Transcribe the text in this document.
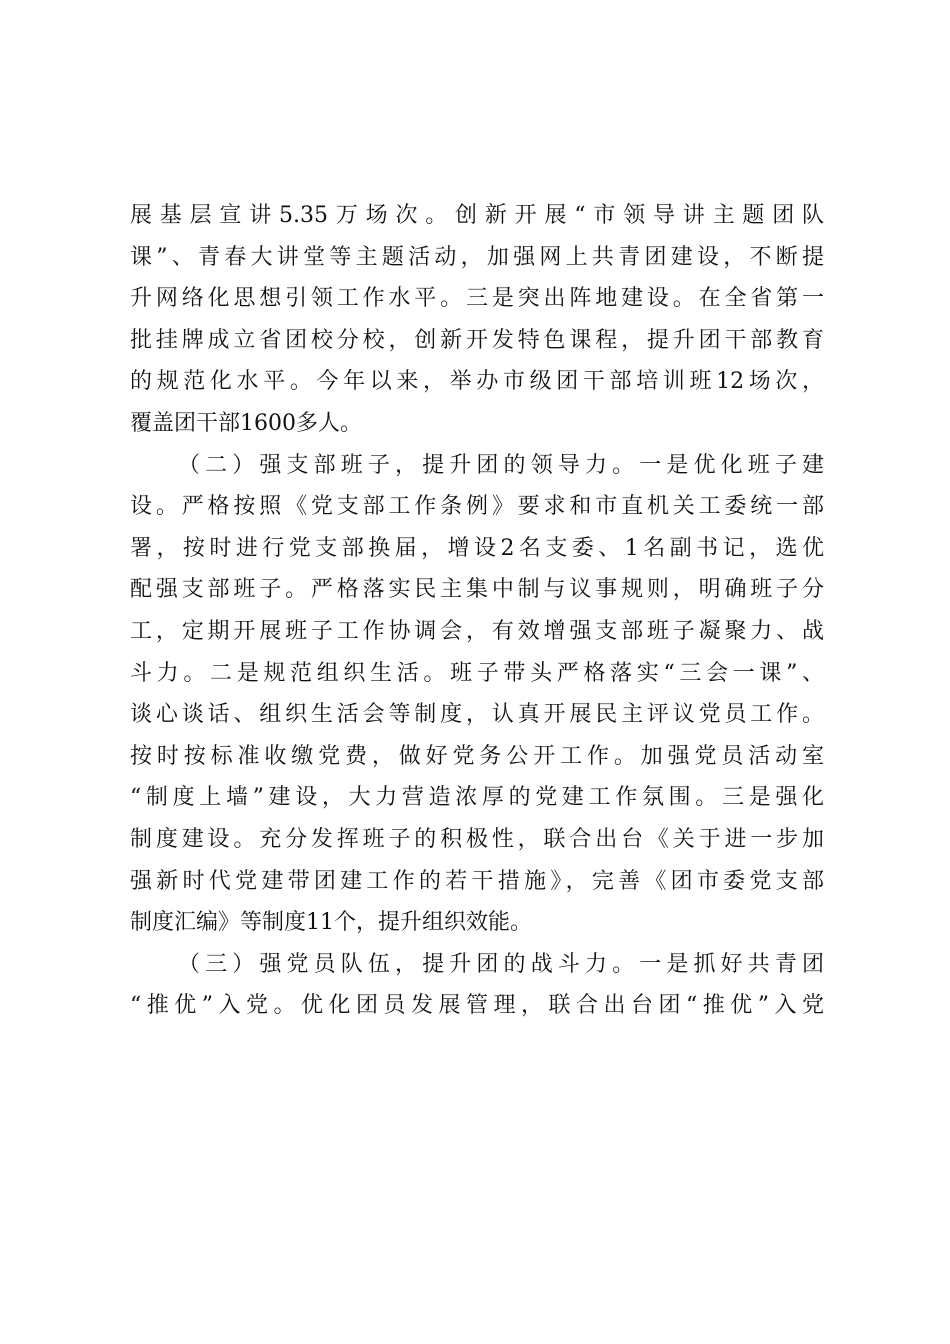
展基层宣讲5.35万场次。创新开展“市领导讲主题团队
课”、青春大讲堂等主题活动，加强网上共青团建设，不断提
升网络化思想引领工作水平。三是突出阵地建设。在全省第一
批挂牌成立省团校分校，创新开发特色课程，提升团干部教育
的规范化水平。今年以来，举办市级团干部培训班12场次，
覆盖团干部1600多人。
（二）强支部班子，提升团的领导力。一是优化班子建
设。严格按照《党支部工作条例》要求和市直机关工委统一部
署，按时进行党支部换届，增设2名支委、1名副书记，选优
配强支部班子。严格落实民主集中制与议事规则，明确班子分
工，定期开展班子工作协调会，有效增强支部班子凝聚力、战
斗力。二是规范组织生活。班子带头严格落实“三会一课”、
谈心谈话、组织生活会等制度，认真开展民主评议党员工作。
按时按标准收缴党费，做好党务公开工作。加强党员活动室
“制度上墙”建设，大力营造浓厚的党建工作氛围。三是强化
制度建设。充分发挥班子的积极性，联合出台《关于进一步加
强新时代党建带团建工作的若干措施》，完善《团市委党支部
制度汇编》等制度11个，提升组织效能。
（三）强党员队伍，提升团的战斗力。一是抓好共青团
“推优”入党。优化团员发展管理，联合出台团“推优”入党
